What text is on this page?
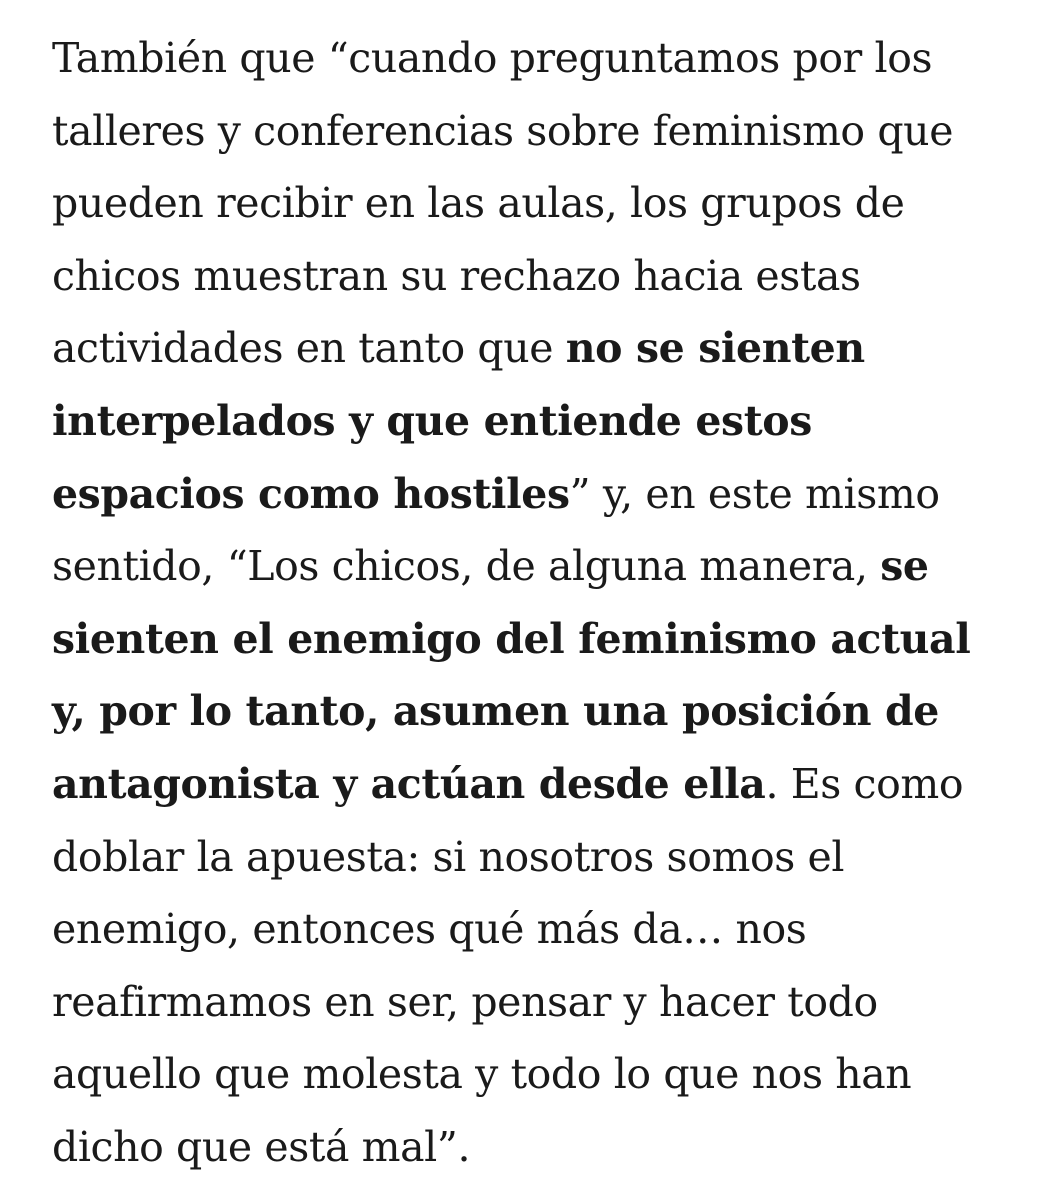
También que “cuando preguntamos por los
talleres y conferencias sobre feminismo que
pueden recibir en las aulas, los grupos de
chicos muestran su rechazo hacia estas
actividades en tanto que no se sienten
interpelados y que entiende estos
espacios como hostiles” y, en este mismo
sentido, “Los chicos, de alguna manera, se
sienten el enemigo del feminismo actual
y, por lo tanto, asumen una posición de
antagonista y actúan desde ella. Es como
doblar la apuesta: si nosotros somos el
enemigo, entonces qué más da… nos
reafirmamos en ser, pensar y hacer todo
aquello que molesta y todo lo que nos han
dicho que está mal”.
